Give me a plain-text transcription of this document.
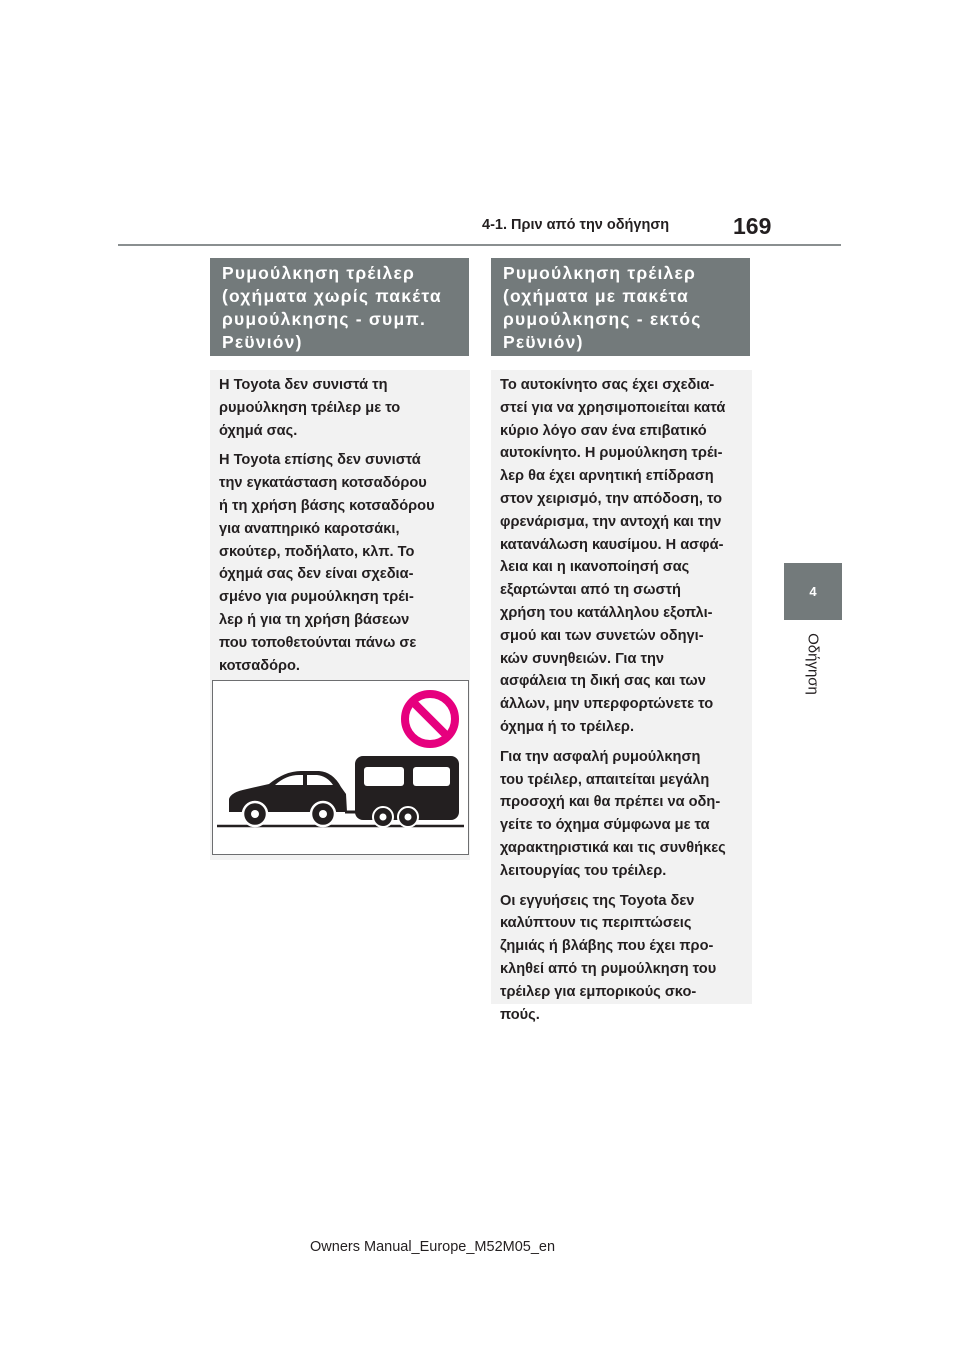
4-1. Πριν από την οδήγηση	169
4
Οδήγηση
Ρυμούλκηση τρέιλερ
(οχήματα χωρίς πακέτα
ρυμούλκησης - συμπ.
Ρεϋνιόν)

Η Toyota δεν συνιστά τη
ρυμούλκηση τρέιλερ με το
όχημά σας.

Η Toyota επίσης δεν συνιστά
την εγκατάσταση κοτσαδόρου
ή τη χρήση βάσης κοτσαδόρου
για αναπηρικό καροτσάκι,
σκούτερ, ποδήλατο, κλπ. Το
όχημά σας δεν είναι σχεδια-
σμένο για ρυμούλκηση τρέι-
λερ ή για τη χρήση βάσεων
που τοποθετούνται πάνω σε
κοτσαδόρο.

Ρυμούλκηση τρέιλερ
(οχήματα με πακέτα
ρυμούλκησης - εκτός
Ρεϋνιόν)

Το αυτοκίνητο σας έχει σχεδια-
στεί για να χρησιμοποιείται κατά
κύριο λόγο σαν ένα επιβατικό
αυτοκίνητο. Η ρυμούλκηση τρέι-
λερ θα έχει αρνητική επίδραση
στον χειρισμό, την απόδοση, το
φρενάρισμα, την αντοχή και την
κατανάλωση καυσίμου. Η ασφά-
λεια και η ικανοποίησή σας
εξαρτώνται από τη σωστή
χρήση του κατάλληλου εξοπλι-
σμού και των συνετών οδηγι-
κών συνηθειών. Για την
ασφάλεια τη δική σας και των
άλλων, μην υπερφορτώνετε το
όχημα ή το τρέιλερ.

Για την ασφαλή ρυμούλκηση
του τρέιλερ, απαιτείται μεγάλη
προσοχή και θα πρέπει να οδη-
γείτε το όχημα σύμφωνα με τα
χαρακτηριστικά και τις συνθήκες
λειτουργίας του τρέιλερ.

Οι εγγυήσεις της Toyota δεν
καλύπτουν τις περιπτώσεις
ζημιάς ή βλάβης που έχει προ-
κληθεί από τη ρυμούλκηση του
τρέιλερ για εμπορικούς σκο-
πούς.

Owners Manual_Europe_M52M05_en
